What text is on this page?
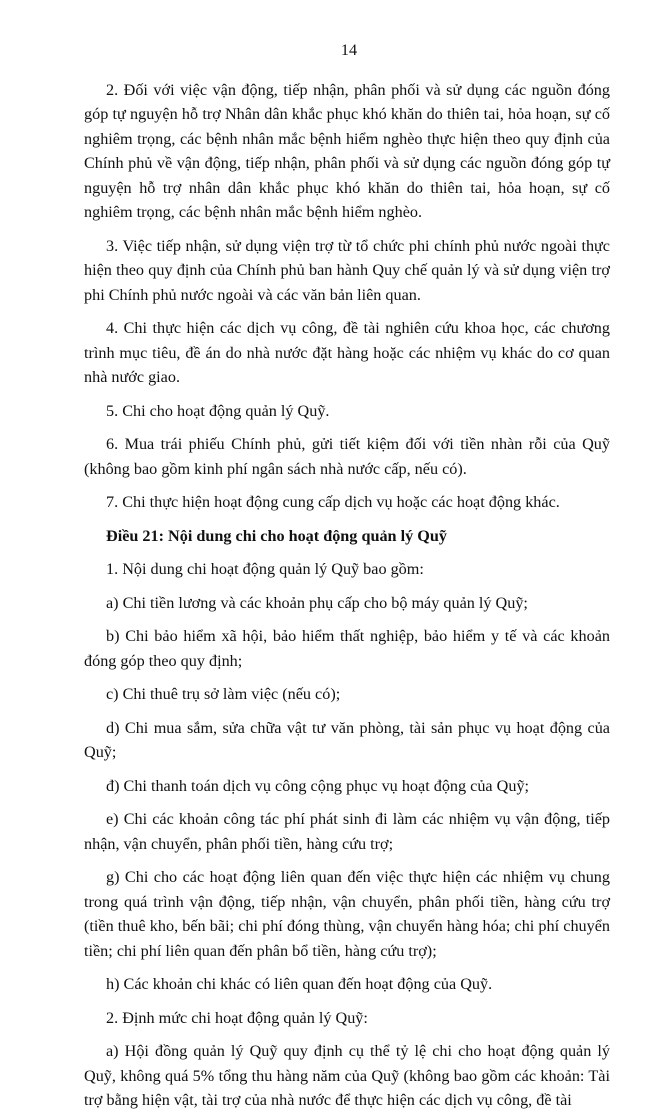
14

2. Đối với việc vận động, tiếp nhận, phân phối và sử dụng các nguồn đóng góp tự nguyện hỗ trợ Nhân dân khắc phục khó khăn do thiên tai, hỏa hoạn, sự cố nghiêm trọng, các bệnh nhân mắc bệnh hiểm nghèo thực hiện theo quy định của Chính phủ về vận động, tiếp nhận, phân phối và sử dụng các nguồn đóng góp tự nguyện hỗ trợ nhân dân khắc phục khó khăn do thiên tai, hỏa hoạn, sự cố nghiêm trọng, các bệnh nhân mắc bệnh hiểm nghèo.

3. Việc tiếp nhận, sử dụng viện trợ từ tổ chức phi chính phủ nước ngoài thực hiện theo quy định của Chính phủ ban hành Quy chế quản lý và sử dụng viện trợ phi Chính phủ nước ngoài và các văn bản liên quan.

4. Chi thực hiện các dịch vụ công, đề tài nghiên cứu khoa học, các chương trình mục tiêu, đề án do nhà nước đặt hàng hoặc các nhiệm vụ khác do cơ quan nhà nước giao.

5. Chi cho hoạt động quản lý Quỹ.

6. Mua trái phiếu Chính phủ, gửi tiết kiệm đối với tiền nhàn rỗi của Quỹ (không bao gồm kinh phí ngân sách nhà nước cấp, nếu có).

7. Chi thực hiện hoạt động cung cấp dịch vụ hoặc các hoạt động khác.

Điều 21: Nội dung chi cho hoạt động quản lý Quỹ

1. Nội dung chi hoạt động quản lý Quỹ bao gồm:

a) Chi tiền lương và các khoản phụ cấp cho bộ máy quản lý Quỹ;

b) Chi bảo hiểm xã hội, bảo hiểm thất nghiệp, bảo hiểm y tế và các khoản đóng góp theo quy định;

c) Chi thuê trụ sở làm việc (nếu có);

d) Chi mua sắm, sửa chữa vật tư văn phòng, tài sản phục vụ hoạt động của Quỹ;

đ) Chi thanh toán dịch vụ công cộng phục vụ hoạt động của Quỹ;

e) Chi các khoản công tác phí phát sinh đi làm các nhiệm vụ vận động, tiếp nhận, vận chuyển, phân phối tiền, hàng cứu trợ;

g) Chi cho các hoạt động liên quan đến việc thực hiện các nhiệm vụ chung trong quá trình vận động, tiếp nhận, vận chuyển, phân phối tiền, hàng cứu trợ (tiền thuê kho, bến bãi; chi phí đóng thùng, vận chuyển hàng hóa; chi phí chuyển tiền; chi phí liên quan đến phân bổ tiền, hàng cứu trợ);

h) Các khoản chi khác có liên quan đến hoạt động của Quỹ.

2. Định mức chi hoạt động quản lý Quỹ:

a) Hội đồng quản lý Quỹ quy định cụ thể tỷ lệ chi cho hoạt động quản lý Quỹ, không quá 5% tổng thu hàng năm của Quỹ (không bao gồm các khoản: Tài trợ bằng hiện vật, tài trợ của nhà nước để thực hiện các dịch vụ công, đề tài
